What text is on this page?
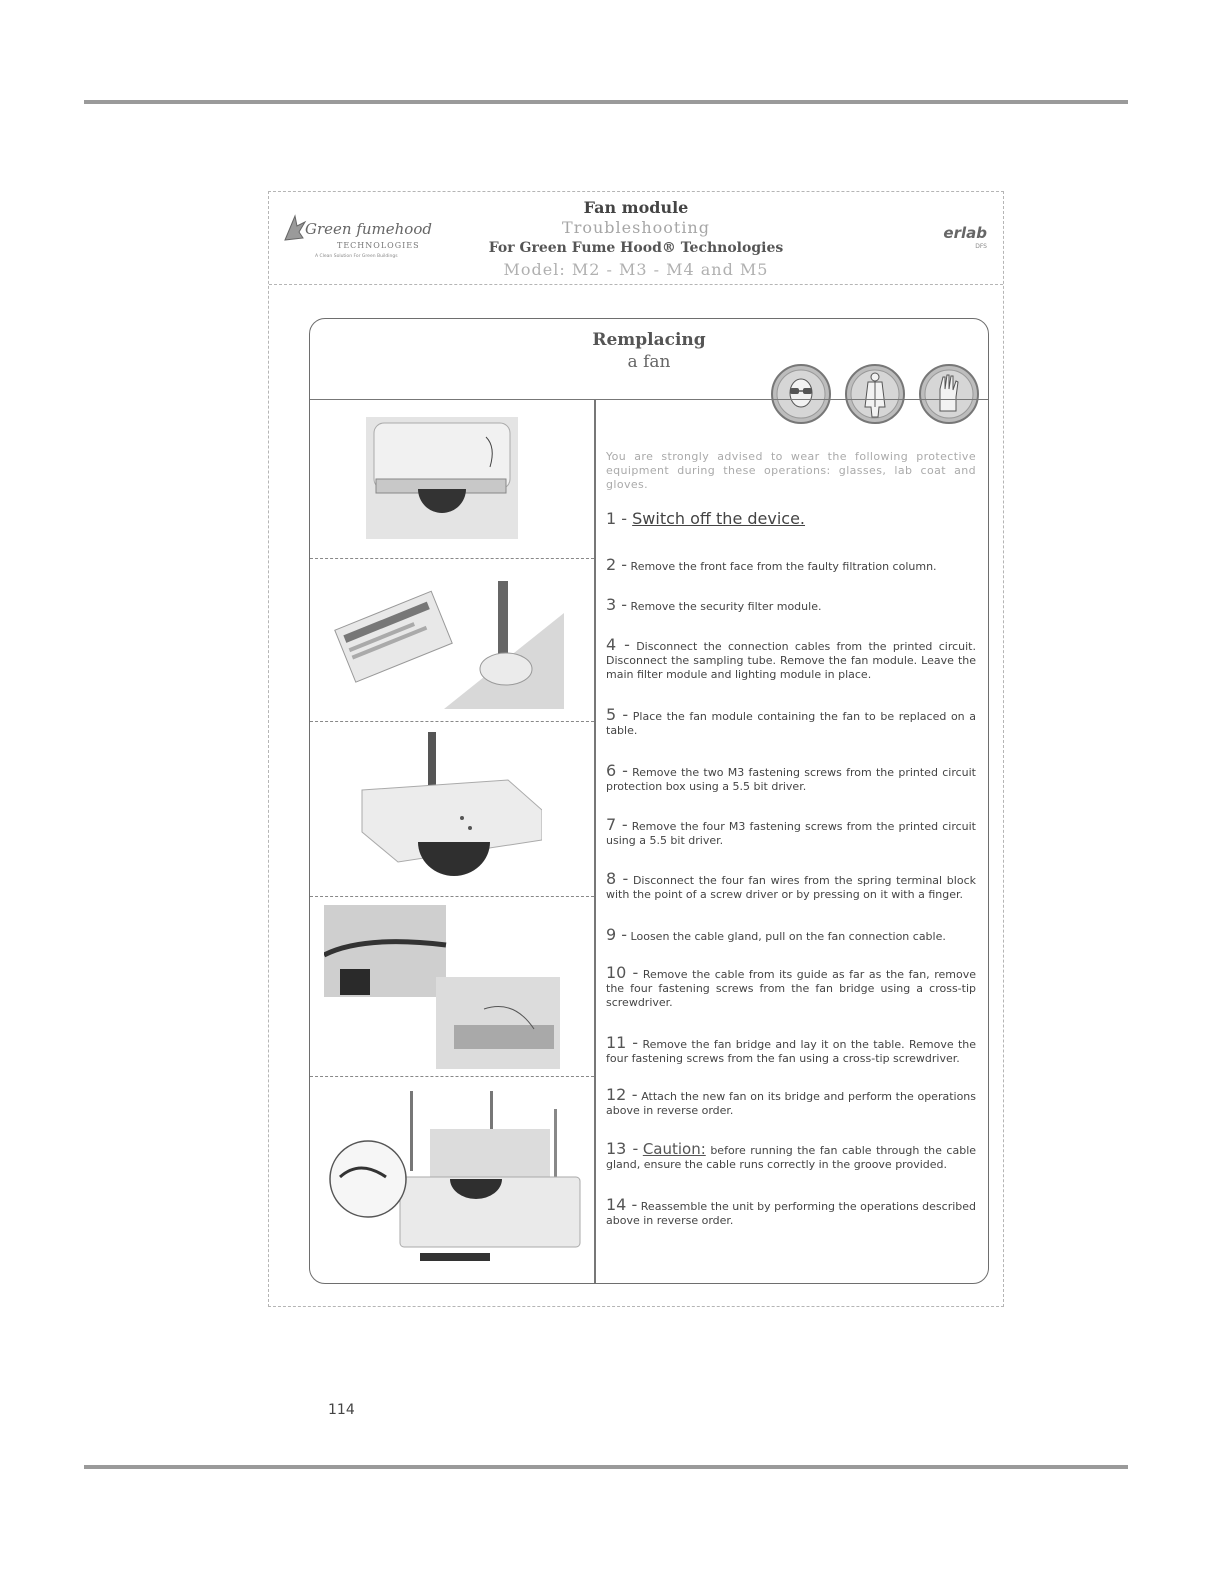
Green fumehood
TECHNOLOGIES
A Clean Solution For Green Buildings
Fan module
Troubleshooting
For Green Fume Hood® Technologies
Model: M2 - M3 - M4 and M5
erlab
DFS
Remplacing
a fan
114
You are strongly advised to wear the following protective equipment during these operations: glasses, lab coat and gloves.
1 - Switch off the device.
2 - Remove the front face from the faulty filtration column.
3 - Remove the security filter module.
4 - Disconnect the connection cables from the printed circuit. Disconnect the sampling tube. Remove the fan module. Leave the main filter module and lighting module in place.
5 - Place the fan module containing the fan to be replaced on a table.
6 - Remove the two M3 fastening screws from the printed circuit protection box using a 5.5 bit driver.
7 - Remove the four M3 fastening screws from the printed circuit using a 5.5 bit driver.
8 - Disconnect the four fan wires from the spring terminal block with the point of a screw driver or by pressing on it with a finger.
9 - Loosen the cable gland, pull on the fan connection cable.
10 - Remove the cable from its guide as far as the fan, remove the four fastening screws from the fan bridge using a cross-tip screwdriver.
11 - Remove the fan bridge and lay it on the table. Remove the four fastening screws from the fan using a cross-tip screwdriver.
12 - Attach the new fan on its bridge and perform the operations above in reverse order.
13 - Caution: before running the fan cable through the cable gland, ensure the cable runs correctly in the groove provided.
14 - Reassemble the unit by performing the operations described above in reverse order.
